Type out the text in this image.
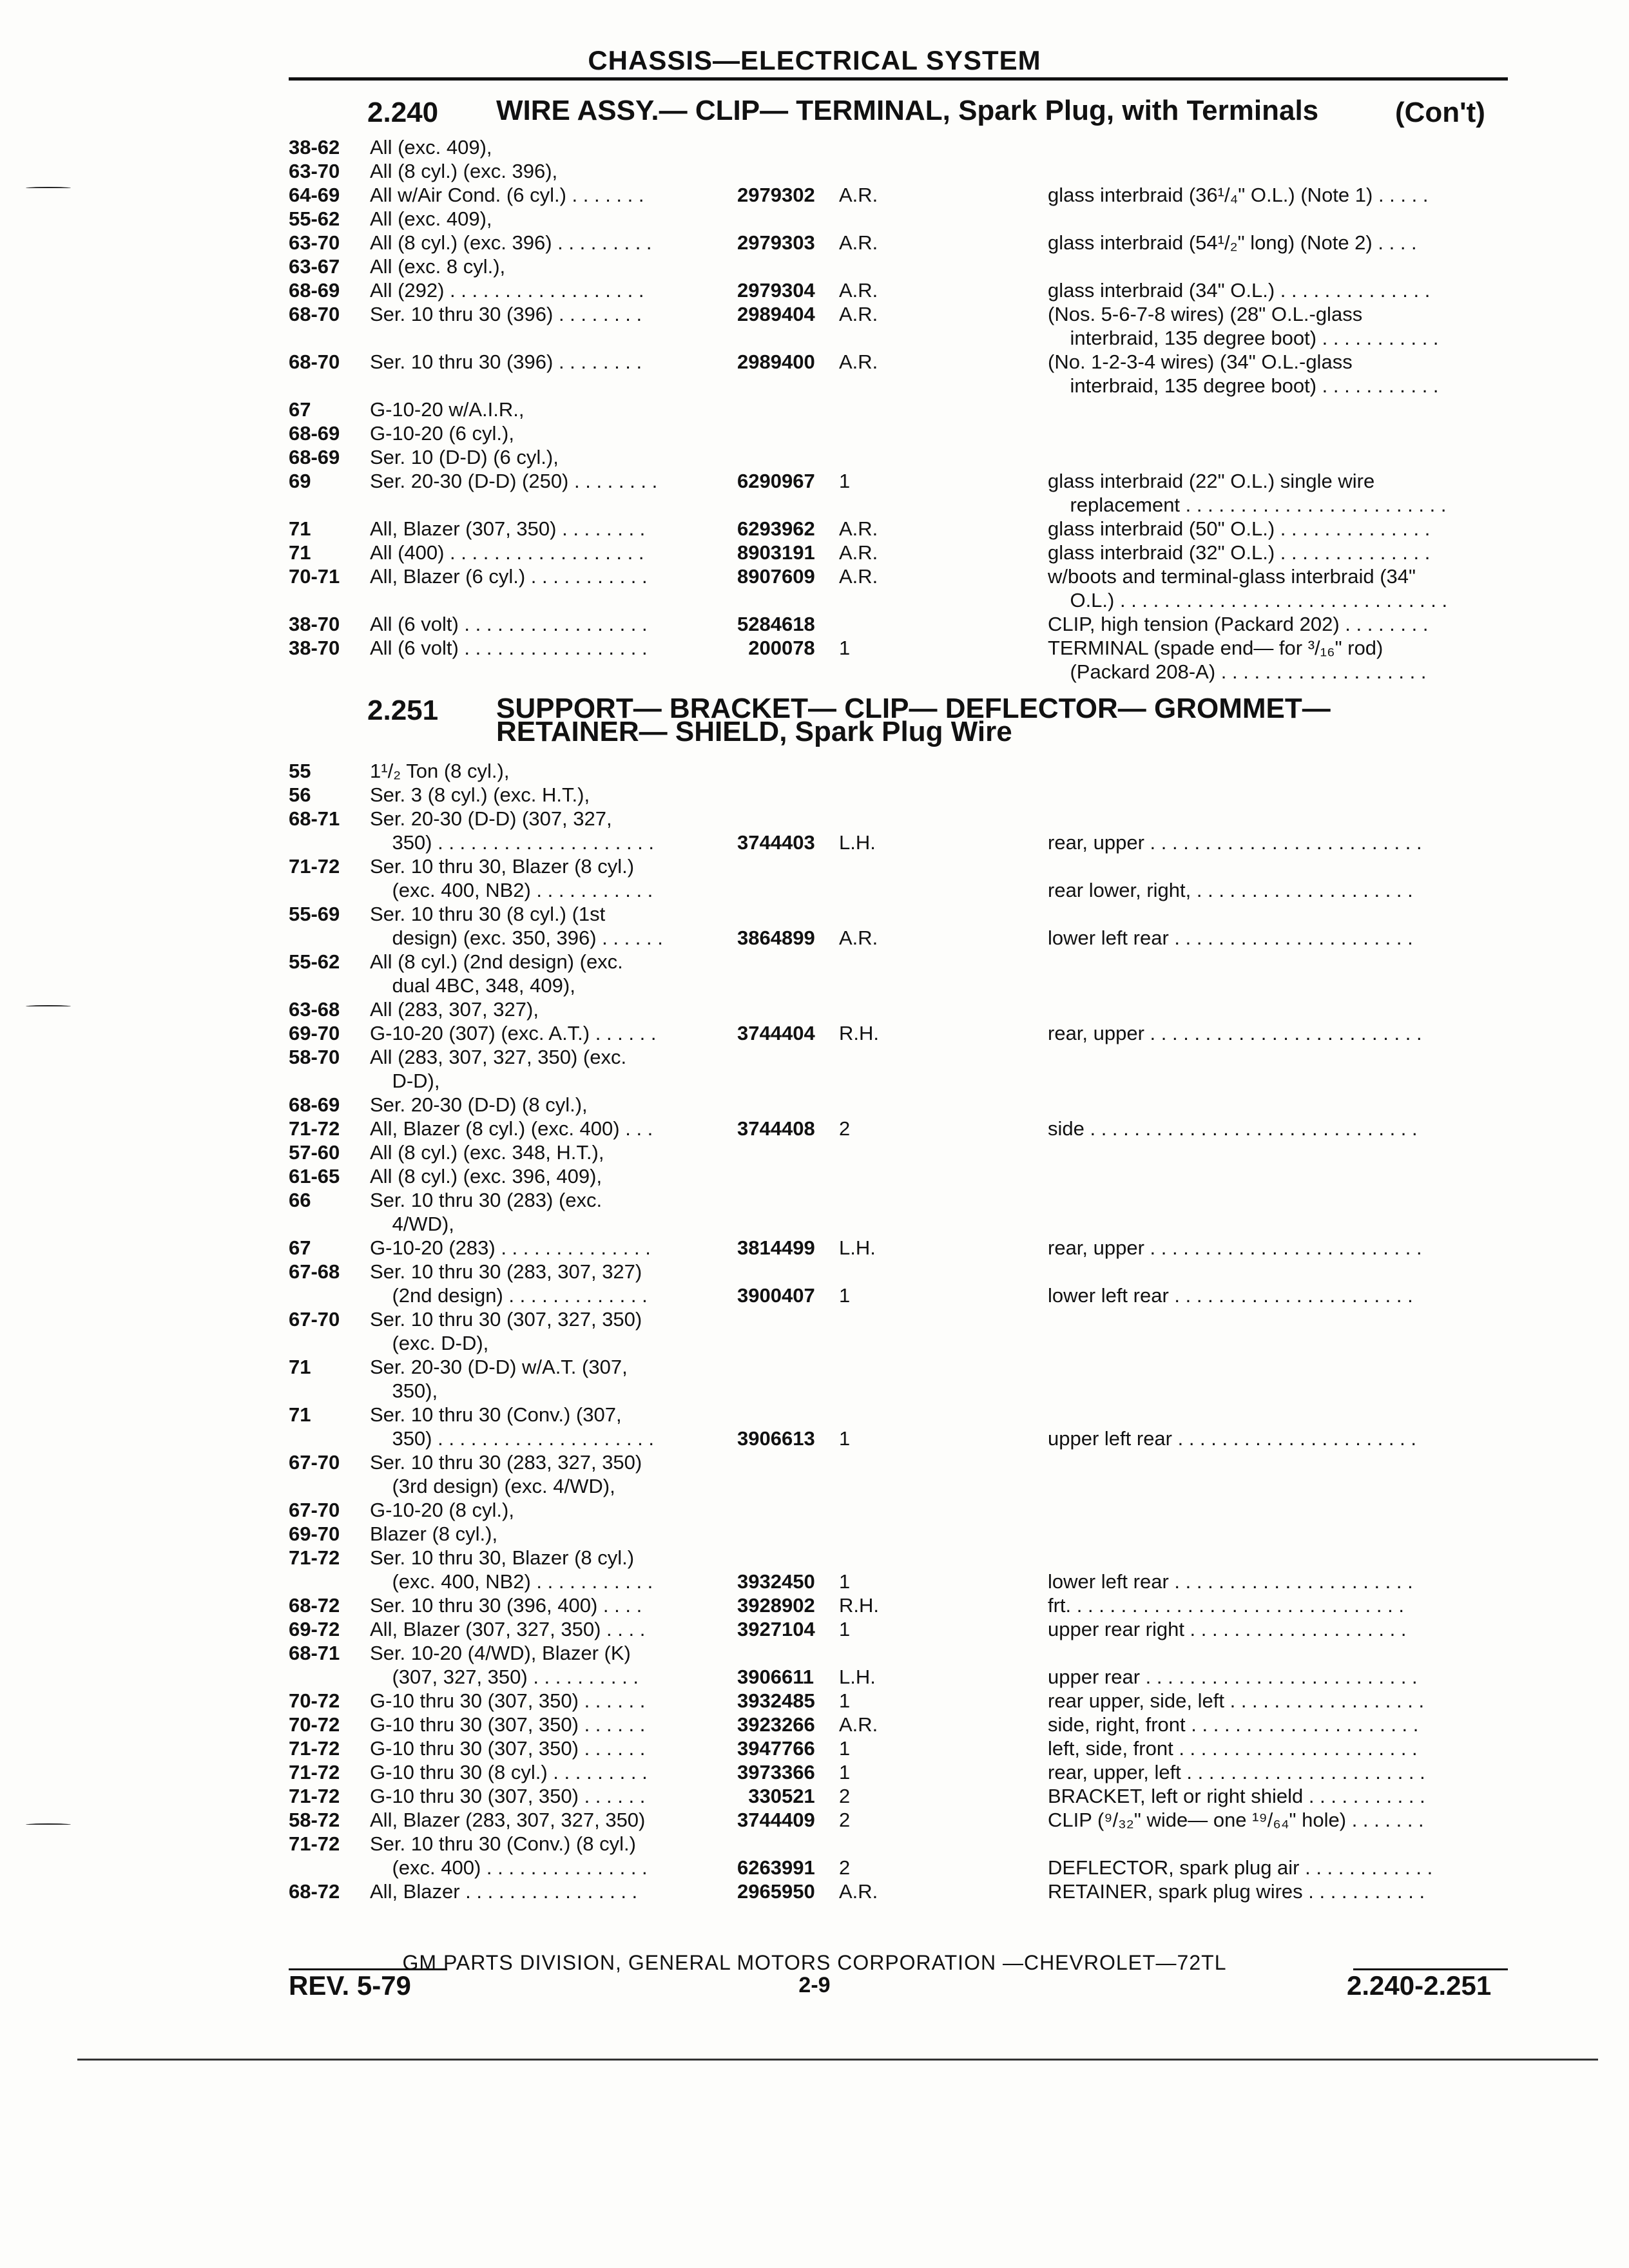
CHASSIS—ELECTRICAL SYSTEM
2.240 WIRE ASSY.— CLIP— TERMINAL, Spark Plug, with Terminals	(Con't)
2.251 SUPPORT— BRACKET— CLIP— DEFLECTOR— GROMMET—
RETAINER— SHIELD, Spark Plug Wire
38-62 All (exc. 409),
63-70 All (8 cyl.) (exc. 396),
64-69 All w/Air Cond. (6 cyl.) . . . . . . .	2979302 A.R.	glass interbraid (36¹/₄" O.L.) (Note 1) . . . . .
55-62 All (exc. 409),
63-70 All (8 cyl.) (exc. 396) . . . . . . . . .	2979303 A.R.	glass interbraid (54¹/₂" long) (Note 2) . . . .
63-67 All (exc. 8 cyl.),
68-69 All (292) . . . . . . . . . . . . . . . . . .	2979304 A.R.	glass interbraid (34" O.L.) . . . . . . . . . . . . . .
68-70 Ser. 10 thru 30 (396) . . . . . . . .	2989404 A.R.	(Nos. 5-6-7-8 wires) (28" O.L.-glass
interbraid, 135 degree boot) . . . . . . . . . . .
68-70 Ser. 10 thru 30 (396) . . . . . . . .	2989400 A.R.	(No. 1-2-3-4 wires) (34" O.L.-glass
interbraid, 135 degree boot) . . . . . . . . . . .
67	G-10-20 w/A.I.R.,
68-69 G-10-20 (6 cyl.),
68-69 Ser. 10 (D-D) (6 cyl.),
69	Ser. 20-30 (D-D) (250) . . . . . . . .	6290967 1	glass interbraid (22" O.L.) single wire
replacement . . . . . . . . . . . . . . . . . . . . . . . .
71	All, Blazer (307, 350) . . . . . . . .	6293962 A.R.	glass interbraid (50" O.L.) . . . . . . . . . . . . . .
71	All (400) . . . . . . . . . . . . . . . . . .	8903191 A.R.	glass interbraid (32" O.L.) . . . . . . . . . . . . . .
70-71 All, Blazer (6 cyl.) . . . . . . . . . . .	8907609 A.R.	w/boots and terminal-glass interbraid (34"
O.L.) . . . . . . . . . . . . . . . . . . . . . . . . . . . . . .
38-70 All (6 volt) . . . . . . . . . . . . . . . . .	5284618	CLIP, high tension (Packard 202) . . . . . . . .
38-70 All (6 volt) . . . . . . . . . . . . . . . . .	200078 1	TERMINAL (spade end— for ³/₁₆" rod)
(Packard 208-A) . . . . . . . . . . . . . . . . . . .
55	1¹/₂ Ton (8 cyl.),
56	Ser. 3 (8 cyl.) (exc. H.T.),
68-71 Ser. 20-30 (D-D) (307, 327,
350) . . . . . . . . . . . . . . . . . . . .	3744403 L.H.	rear, upper . . . . . . . . . . . . . . . . . . . . . . . . .
71-72 Ser. 10 thru 30, Blazer (8 cyl.)
(exc. 400, NB2) . . . . . . . . . . .	rear lower, right, . . . . . . . . . . . . . . . . . . . .
55-69 Ser. 10 thru 30 (8 cyl.) (1st
design) (exc. 350, 396) . . . . . .	3864899 A.R.	lower left rear . . . . . . . . . . . . . . . . . . . . . .
55-62 All (8 cyl.) (2nd design) (exc.
dual 4BC, 348, 409),
63-68 All (283, 307, 327),
69-70 G-10-20 (307) (exc. A.T.) . . . . . .	3744404 R.H.	rear, upper . . . . . . . . . . . . . . . . . . . . . . . . .
58-70 All (283, 307, 327, 350) (exc.
D-D),
68-69 Ser. 20-30 (D-D) (8 cyl.),
71-72 All, Blazer (8 cyl.) (exc. 400) . . .	3744408 2	side . . . . . . . . . . . . . . . . . . . . . . . . . . . . . .
57-60 All (8 cyl.) (exc. 348, H.T.),
61-65 All (8 cyl.) (exc. 396, 409),
66	Ser. 10 thru 30 (283) (exc.
4/WD),
67	G-10-20 (283) . . . . . . . . . . . . . .	3814499 L.H.	rear, upper . . . . . . . . . . . . . . . . . . . . . . . . .
67-68 Ser. 10 thru 30 (283, 307, 327)
(2nd design) . . . . . . . . . . . . .	3900407 1	lower left rear . . . . . . . . . . . . . . . . . . . . . .
67-70 Ser. 10 thru 30 (307, 327, 350)
(exc. D-D),
71	Ser. 20-30 (D-D) w/A.T. (307,
350),
71	Ser. 10 thru 30 (Conv.) (307,
350) . . . . . . . . . . . . . . . . . . . .	3906613 1	upper left rear . . . . . . . . . . . . . . . . . . . . . .
67-70 Ser. 10 thru 30 (283, 327, 350)
(3rd design) (exc. 4/WD),
67-70 G-10-20 (8 cyl.),
69-70 Blazer (8 cyl.),
71-72 Ser. 10 thru 30, Blazer (8 cyl.)
(exc. 400, NB2) . . . . . . . . . . .	3932450 1	lower left rear . . . . . . . . . . . . . . . . . . . . . .
68-72 Ser. 10 thru 30 (396, 400) . . . .	3928902 R.H.	frt. . . . . . . . . . . . . . . . . . . . . . . . . . . . . . .
69-72 All, Blazer (307, 327, 350) . . . .	3927104 1	upper rear right . . . . . . . . . . . . . . . . . . . .
68-71 Ser. 10-20 (4/WD), Blazer (K)
(307, 327, 350) . . . . . . . . . .	3906611 L.H.	upper rear . . . . . . . . . . . . . . . . . . . . . . . . .
70-72 G-10 thru 30 (307, 350) . . . . . .	3932485 1	rear upper, side, left . . . . . . . . . . . . . . . . . .
70-72 G-10 thru 30 (307, 350) . . . . . .	3923266 A.R.	side, right, front . . . . . . . . . . . . . . . . . . . . .
71-72 G-10 thru 30 (307, 350) . . . . . .	3947766 1	left, side, front . . . . . . . . . . . . . . . . . . . . . .
71-72 G-10 thru 30 (8 cyl.) . . . . . . . . .	3973366 1	rear, upper, left . . . . . . . . . . . . . . . . . . . . . .
71-72 G-10 thru 30 (307, 350) . . . . . .	330521 2	BRACKET, left or right shield . . . . . . . . . . .
58-72 All, Blazer (283, 307, 327, 350)	3744409 2	CLIP (⁹/₃₂" wide— one ¹⁹/₆₄" hole) . . . . . . .
71-72 Ser. 10 thru 30 (Conv.) (8 cyl.)
(exc. 400) . . . . . . . . . . . . . . .	6263991 2	DEFLECTOR, spark plug air . . . . . . . . . . . .
68-72 All, Blazer . . . . . . . . . . . . . . . .	2965950 A.R.	RETAINER, spark plug wires . . . . . . . . . . .
GM PARTS DIVISION, GENERAL MOTORS CORPORATION —CHEVROLET—72TL
REV. 5-79	2-9	2.240-2.251
